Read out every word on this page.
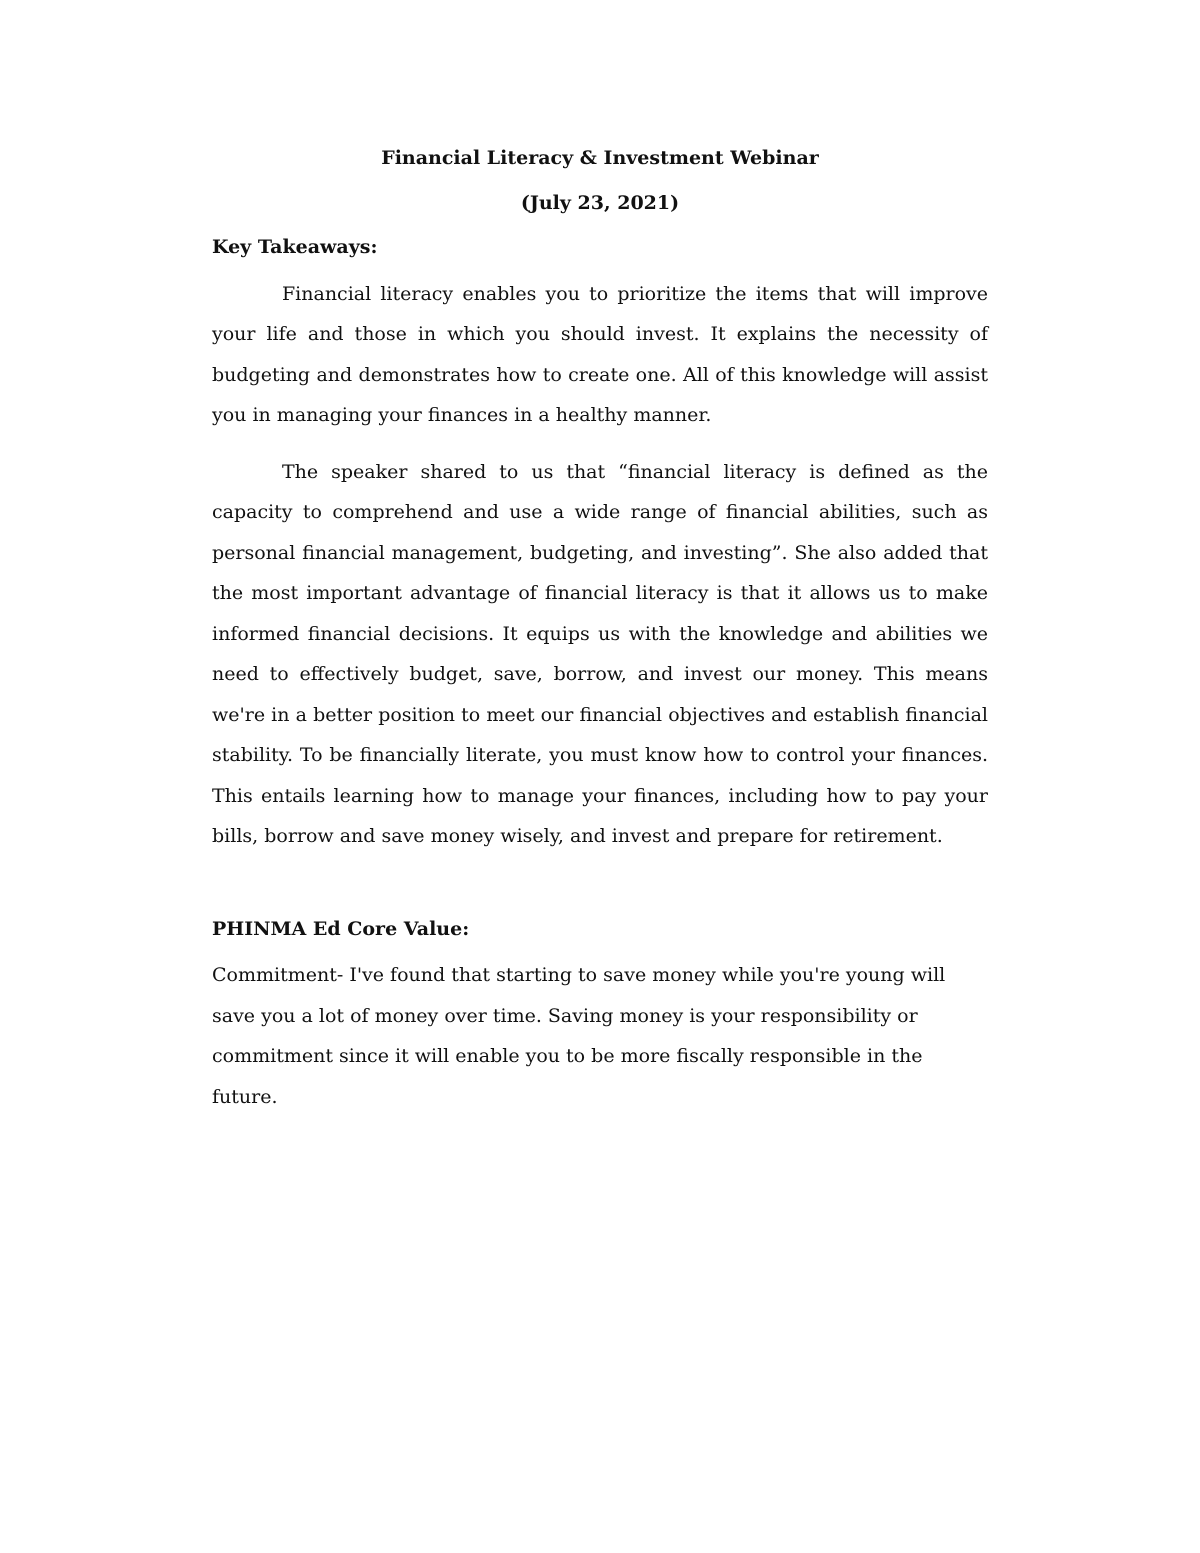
Financial Literacy & Investment Webinar

(July 23, 2021)

Key Takeaways:

Financial literacy enables you to prioritize the items that will improve your life and those in which you should invest. It explains the necessity of budgeting and demonstrates how to create one. All of this knowledge will assist you in managing your finances in a healthy manner.

The speaker shared to us that “financial literacy is defined as the capacity to comprehend and use a wide range of financial abilities, such as personal financial management, budgeting, and investing”. She also added that the most important advantage of financial literacy is that it allows us to make informed financial decisions. It equips us with the knowledge and abilities we need to effectively budget, save, borrow, and invest our money. This means we're in a better position to meet our financial objectives and establish financial stability. To be financially literate, you must know how to control your finances. This entails learning how to manage your finances, including how to pay your bills, borrow and save money wisely, and invest and prepare for retirement.

PHINMA Ed Core Value:

Commitment- I've found that starting to save money while you're young will save you a lot of money over time. Saving money is your responsibility or commitment since it will enable you to be more fiscally responsible in the future.
